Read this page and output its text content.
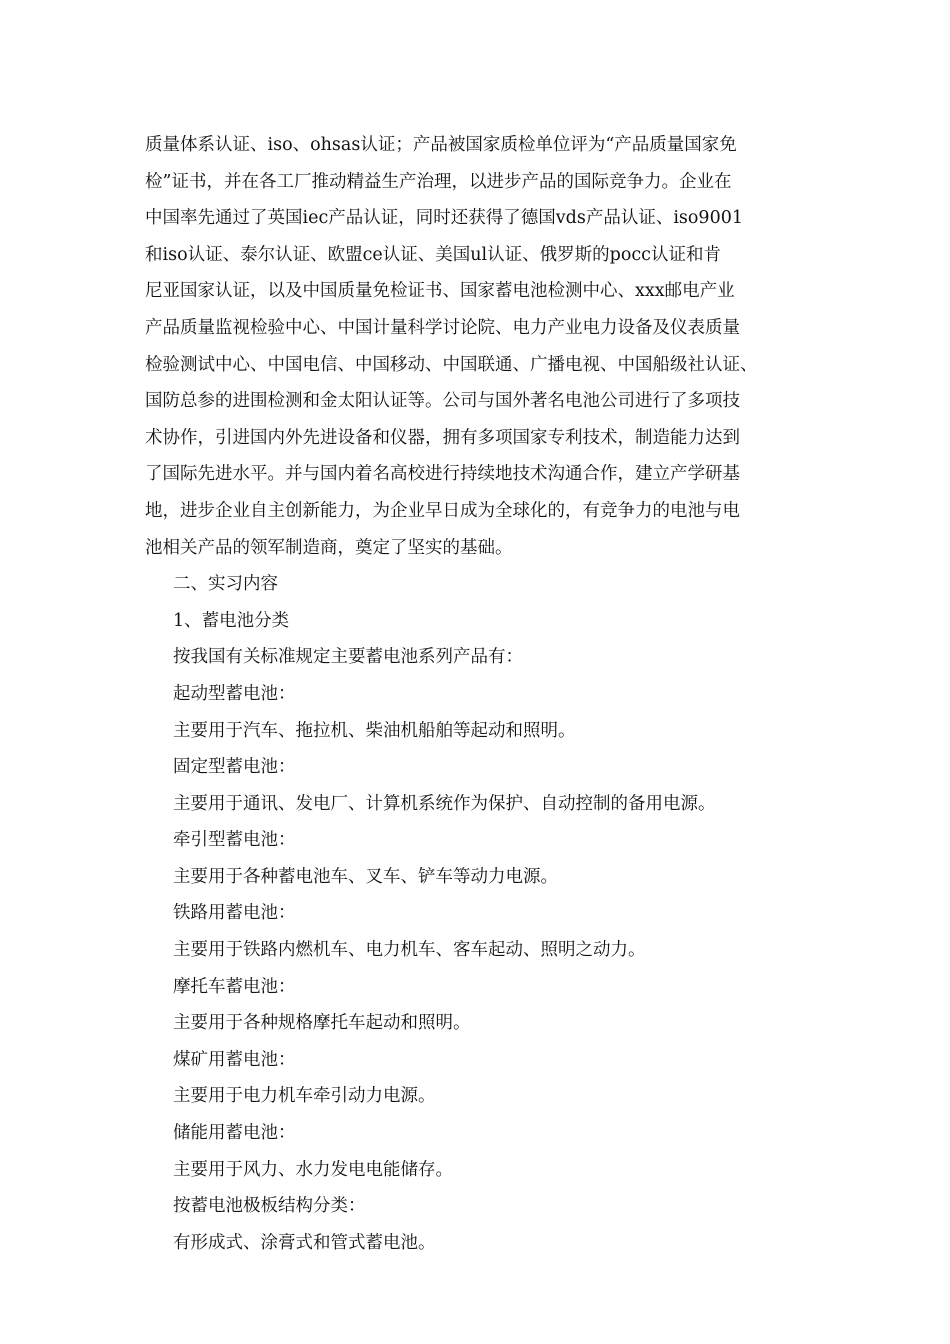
质量体系认证、iso、ohsas认证；产品被国家质检单位评为“产品质量国家免
检”证书，并在各工厂推动精益生产治理，以进步产品的国际竞争力。企业在
中国率先通过了英国iec产品认证，同时还获得了德国vds产品认证、iso9001
和iso认证、泰尔认证、欧盟ce认证、美国ul认证、俄罗斯的pocc认证和肯
尼亚国家认证，以及中国质量免检证书、国家蓄电池检测中心、xxx邮电产业
产品质量监视检验中心、中国计量科学讨论院、电力产业电力设备及仪表质量
检验测试中心、中国电信、中国移动、中国联通、广播电视、中国船级社认证、
国防总参的进围检测和金太阳认证等。公司与国外著名电池公司进行了多项技
术协作，引进国内外先进设备和仪器，拥有多项国家专利技术，制造能力达到
了国际先进水平。并与国内着名高校进行持续地技术沟通合作，建立产学研基
地，进步企业自主创新能力，为企业早日成为全球化的，有竞争力的电池与电
池相关产品的领军制造商，奠定了坚实的基础。
二、实习内容
1、蓄电池分类
按我国有关标准规定主要蓄电池系列产品有：
起动型蓄电池：
主要用于汽车、拖拉机、柴油机船舶等起动和照明。
固定型蓄电池：
主要用于通讯、发电厂、计算机系统作为保护、自动控制的备用电源。
牵引型蓄电池：
主要用于各种蓄电池车、叉车、铲车等动力电源。
铁路用蓄电池：
主要用于铁路内燃机车、电力机车、客车起动、照明之动力。
摩托车蓄电池：
主要用于各种规格摩托车起动和照明。
煤矿用蓄电池：
主要用于电力机车牵引动力电源。
储能用蓄电池：
主要用于风力、水力发电电能储存。
按蓄电池极板结构分类：
有形成式、涂膏式和管式蓄电池。
